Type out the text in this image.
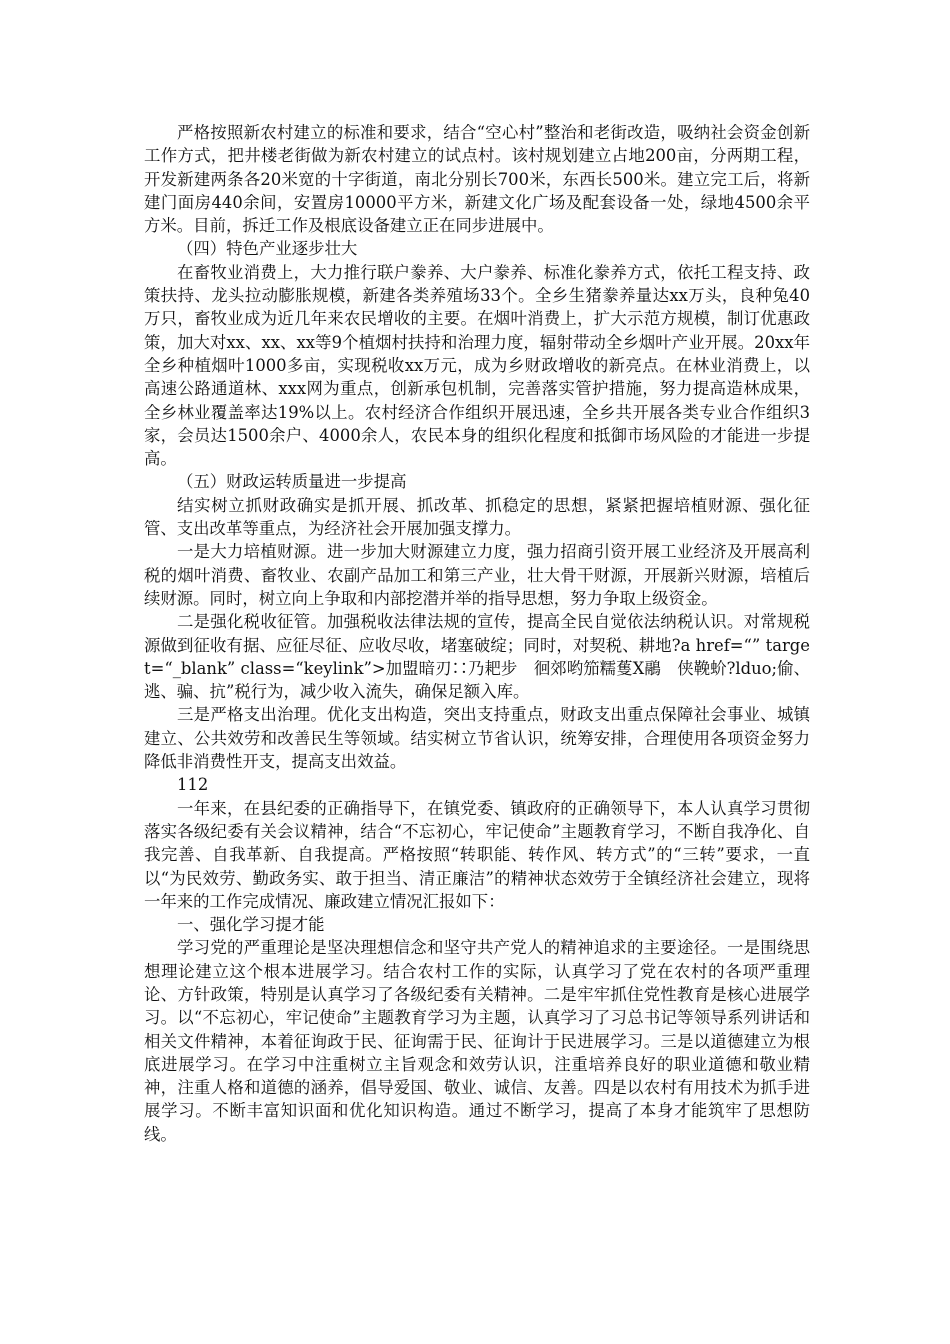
严格按照新农村建立的标准和要求，结合“空心村”整治和老街改造，吸纳社会资金创新工作方式，把井楼老街做为新农村建立的试点村。该村规划建立占地200亩，分两期工程，开发新建两条各20米宽的十字街道，南北分别长700米，东西长500米。建立完工后，将新建门面房440余间，安置房10000平方米，新建文化广场及配套设备一处，绿地4500余平方米。目前，拆迁工作及根底设备建立正在同步进展中。

（四）特色产业逐步壮大

在畜牧业消费上，大力推行联户豢养、大户豢养、标准化豢养方式，依托工程支持、政策扶持、龙头拉动膨胀规模，新建各类养殖场33个。全乡生猪豢养量达xx万头，良种兔40万只，畜牧业成为近几年来农民增收的主要。在烟叶消费上，扩大示范方规模，制订优惠政策，加大对xx、xx、xx等9个植烟村扶持和治理力度，辐射带动全乡烟叶产业开展。20xx年全乡种植烟叶1000多亩，实现税收xx万元，成为乡财政增收的新亮点。在林业消费上，以高速公路通道林、xxx网为重点，创新承包机制，完善落实管护措施，努力提高造林成果，全乡林业覆盖率达19%以上。农村经济合作组织开展迅速，全乡共开展各类专业合作组织3家，会员达1500余户、4000余人，农民本身的组织化程度和抵御市场风险的才能进一步提高。

（五）财政运转质量进一步提高

结实树立抓财政确实是抓开展、抓改革、抓稳定的思想，紧紧把握培植财源、强化征管、支出改革等重点，为经济社会开展加强支撑力。

一是大力培植财源。进一步加大财源建立力度，强力招商引资开展工业经济及开展高利税的烟叶消费、畜牧业、农副产品加工和第三产业，壮大骨干财源，开展新兴财源，培植后续财源。同时，树立向上争取和内部挖潜并举的指导思想，努力争取上级资金。

二是强化税收征管。加强税收法律法规的宣传，提高全民自觉依法纳税认识。对常规税源做到征收有据、应征尽征、应收尽收，堵塞破绽；同时，对契税、耕地?a href=“” target=“_blank” class=“keylink”>加盟暗刃∷乃耙步　徊郊哟笳糯蒦X鷊　侠鞔蚧?lduo;偷、逃、骗、抗”税行为，减少收入流失，确保足额入库。

三是严格支出治理。优化支出构造，突出支持重点，财政支出重点保障社会事业、城镇建立、公共效劳和改善民生等领域。结实树立节省认识，统筹安排，合理使用各项资金努力降低非消费性开支，提高支出效益。

112

一年来，在县纪委的正确指导下，在镇党委、镇政府的正确领导下，本人认真学习贯彻落实各级纪委有关会议精神，结合“不忘初心，牢记使命”主题教育学习，不断自我净化、自我完善、自我革新、自我提高。严格按照“转职能、转作风、转方式”的“三转”要求，一直以“为民效劳、勤政务实、敢于担当、清正廉洁”的精神状态效劳于全镇经济社会建立，现将一年来的工作完成情况、廉政建立情况汇报如下：

一、强化学习提才能

学习党的严重理论是坚决理想信念和坚守共产党人的精神追求的主要途径。一是围绕思想理论建立这个根本进展学习。结合农村工作的实际，认真学习了党在农村的各项严重理论、方针政策，特别是认真学习了各级纪委有关精神。二是牢牢抓住党性教育是核心进展学习。以“不忘初心，牢记使命”主题教育学习为主题，认真学习了习总书记等领导系列讲话和相关文件精神，本着征询政于民、征询需于民、征询计于民进展学习。三是以道德建立为根底进展学习。在学习中注重树立主旨观念和效劳认识，注重培养良好的职业道德和敬业精神，注重人格和道德的涵养，倡导爱国、敬业、诚信、友善。四是以农村有用技术为抓手进展学习。不断丰富知识面和优化知识构造。通过不断学习，提高了本身才能筑牢了思想防线。
